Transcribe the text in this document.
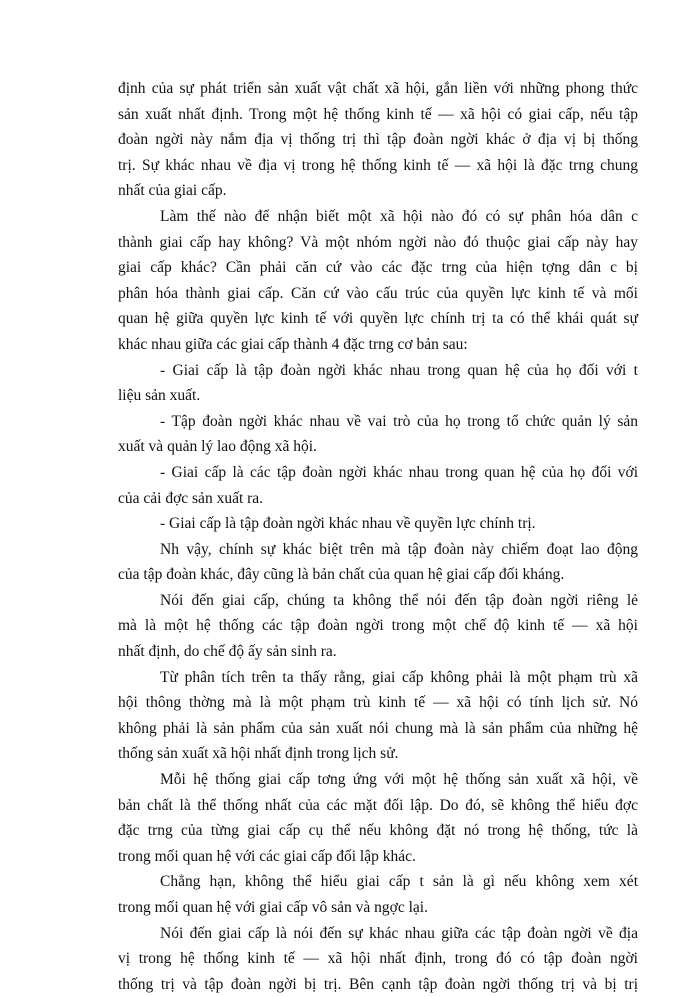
định của sự phát triển sản xuất vật chất xã hội, gắn liền với những phong thức
sản xuất nhất định. Trong một hệ thống kinh tế — xã hội có giai cấp, nếu tập
đoàn ngời này nắm địa vị thống trị thì tập đoàn ngời khác ở địa vị bị thống
trị. Sự khác nhau về địa vị trong hệ thống kinh tế — xã hội là đặc trng chung
nhất của giai cấp.
Làm thế nào để nhận biết một xã hội nào đó có sự phân hóa dân c
thành giai cấp hay không? Và một nhóm ngời nào đó thuộc giai cấp này hay
giai cấp khác? Cần phải căn cứ vào các đặc trng của hiện tợng dân c bị
phân hóa thành giai cấp. Căn cứ vào cấu trúc của quyền lực kinh tế và mối
quan hệ giữa quyền lực kinh tế với quyền lực chính trị ta có thể khái quát sự
khác nhau giữa các giai cấp thành 4 đặc trng cơ bản sau:
- Giai cấp là tập đoàn ngời khác nhau trong quan hệ của họ đối với t
liệu sản xuất.
- Tập đoàn ngời khác nhau về vai trò của họ trong tổ chức quản lý sản
xuất và quản lý lao động xã hội.
- Giai cấp là các tập đoàn ngời khác nhau trong quan hệ của họ đối với
của cải đợc sản xuất ra.
- Giai cấp là tập đoàn ngời khác nhau về quyền lực chính trị.
Nh vậy, chính sự khác biệt trên mà tập đoàn này chiếm đoạt lao động
của tập đoàn khác, đây cũng là bản chất của quan hệ giai cấp đối kháng.
Nói đến giai cấp, chúng ta không thể nói đến tập đoàn ngời riêng lẻ
mà là một hệ thống các tập đoàn ngời trong một chế độ kinh tế — xã hội
nhất định, do chế độ ấy sản sinh ra.
Từ phân tích trên ta thấy rằng, giai cấp không phải là một phạm trù xã
hội thông thờng mà là một phạm trù kinh tế — xã hội có tính lịch sử. Nó
không phải là sản phẩm của sản xuất nói chung mà là sản phẩm của những hệ
thống sản xuất xã hội nhất định trong lịch sử.
Mỗi hệ thống giai cấp tơng ứng với một hệ thống sản xuất xã hội, về
bản chất là thể thống nhất của các mặt đối lập. Do đó, sẽ không thể hiểu đợc
đặc trng của từng giai cấp cụ thể nếu không đặt nó trong hệ thống, tức là
trong mối quan hệ với các giai cấp đối lập khác.
Chẳng hạn, không thể hiểu giai cấp t sản là gì nếu không xem xét
trong mối quan hệ với giai cấp vô sản và ngợc lại.
Nói đến giai cấp là nói đến sự khác nhau giữa các tập đoàn ngời về địa
vị trong hệ thống kinh tế — xã hội nhất định, trong đó có tập đoàn ngời
thống trị và tập đoàn ngời bị trị. Bên cạnh tập đoàn ngời thống trị và bị trị
